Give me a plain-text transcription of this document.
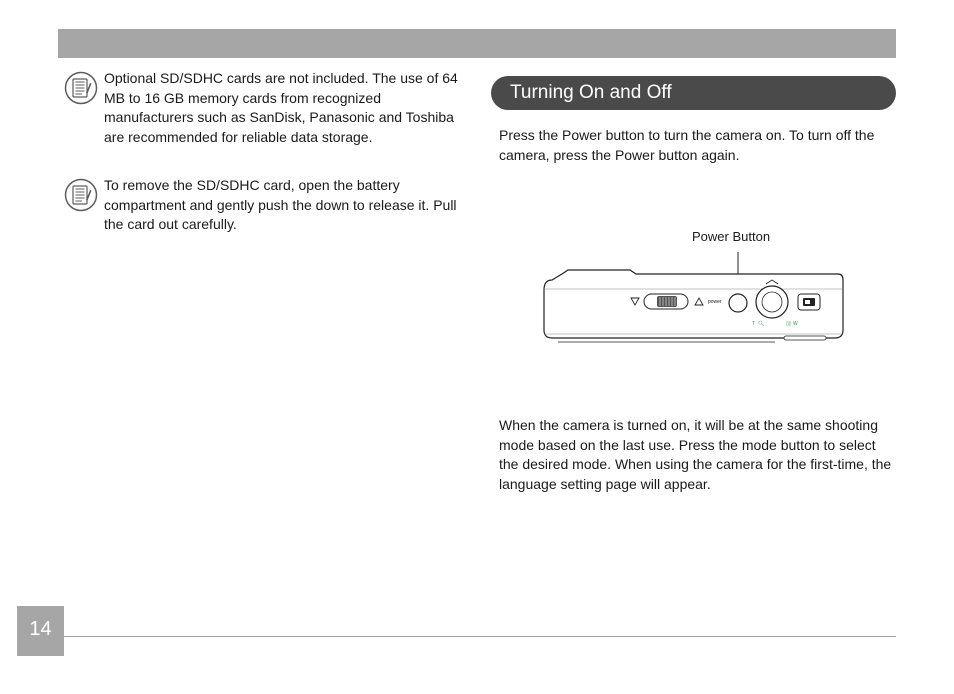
Optional SD/SDHC cards are not included. The use of 64 MB to 16 GB memory cards from recognized manufacturers such as SanDisk, Panasonic and Toshiba are recommended for reliable data storage.
To remove the SD/SDHC card, open the battery compartment and gently push the down to release it. Pull the card out carefully.
Turning On and Off
Press the Power button to turn the camera on. To turn off the camera, press the Power button again.
Power Button
power
T 🔍︎	▯▯ W
When the camera is turned on, it will be at the same shooting mode based on the last use. Press the mode button to select the desired mode. When using the camera for the first-time, the language setting page will appear.
14
